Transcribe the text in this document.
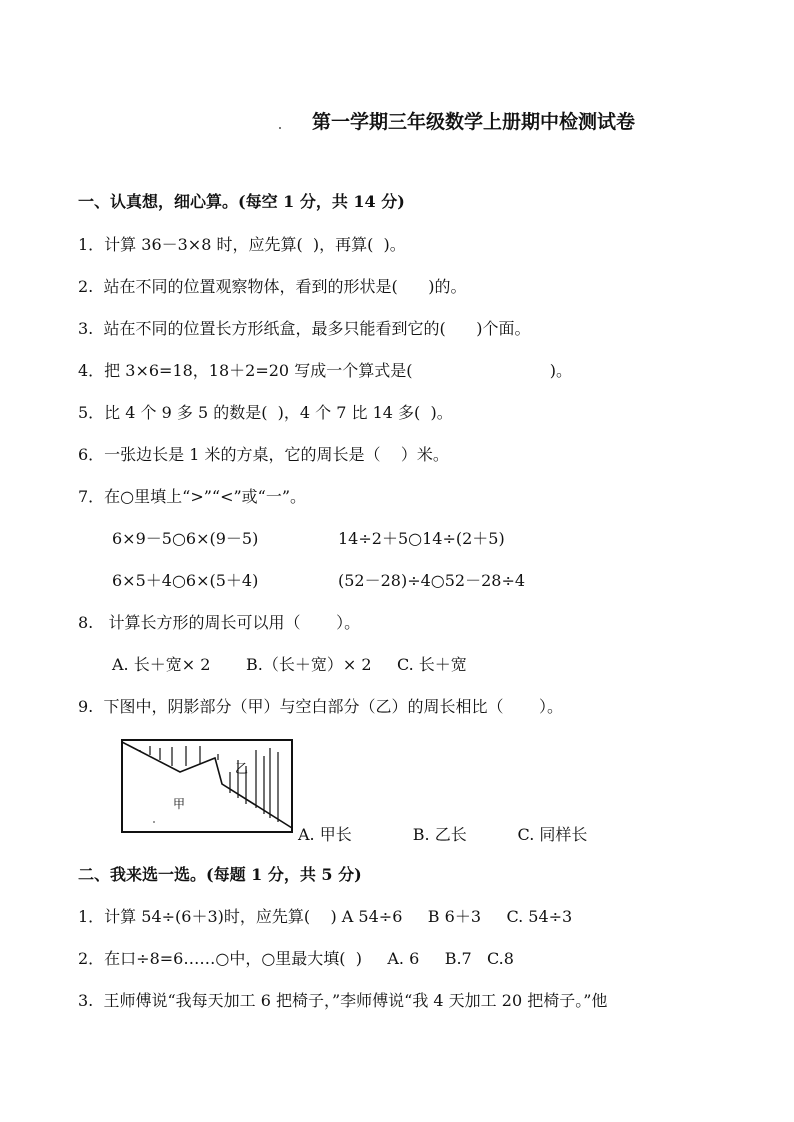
第一学期三年级数学上册期中检测试卷
一、认真想，细心算。(每空 1 分，共 14 分)
1．计算 36－3×8 时，应先算(  )，再算(  )。
2.  站在不同的位置观察物体，看到的形状是(      )的。
3.  站在不同的位置长方形纸盒，最多只能看到它的(      )个面。
4．把 3×6=18，18＋2=20 写成一个算式是(                           )。
5．比 4 个 9 多 5 的数是(  )，4 个 7 比 14 多(  )。
6．一张边长是 1 米的方桌，它的周长是（    ）米。
7．在○里填上“>”“<”或“一”。
6×9－5○6×(9－5)	14÷2＋5○14÷(2＋5)
6×5＋4○6×(5＋4)	(52－28)÷4○52－28÷4
8.   计算长方形的周长可以用（       ）。
A. 长＋宽× 2       B.（长＋宽）× 2     C. 长＋宽
9.  下图中，阴影部分（甲）与空白部分（乙）的周长相比（       ）。
甲
乙
A. 甲长            B. 乙长          C. 同样长
二、我来选一选。(每题 1 分，共 5 分)
1．计算 54÷(6＋3)时，应先算(    ) A 54÷6     B 6＋3     C. 54÷3
2．在口÷8=6……○中，○里最大填(  )     A. 6     B.7   C.8
3.  王师傅说“我每天加工 6 把椅子，”李师傅说“我 4 天加工 20 把椅子。”他
